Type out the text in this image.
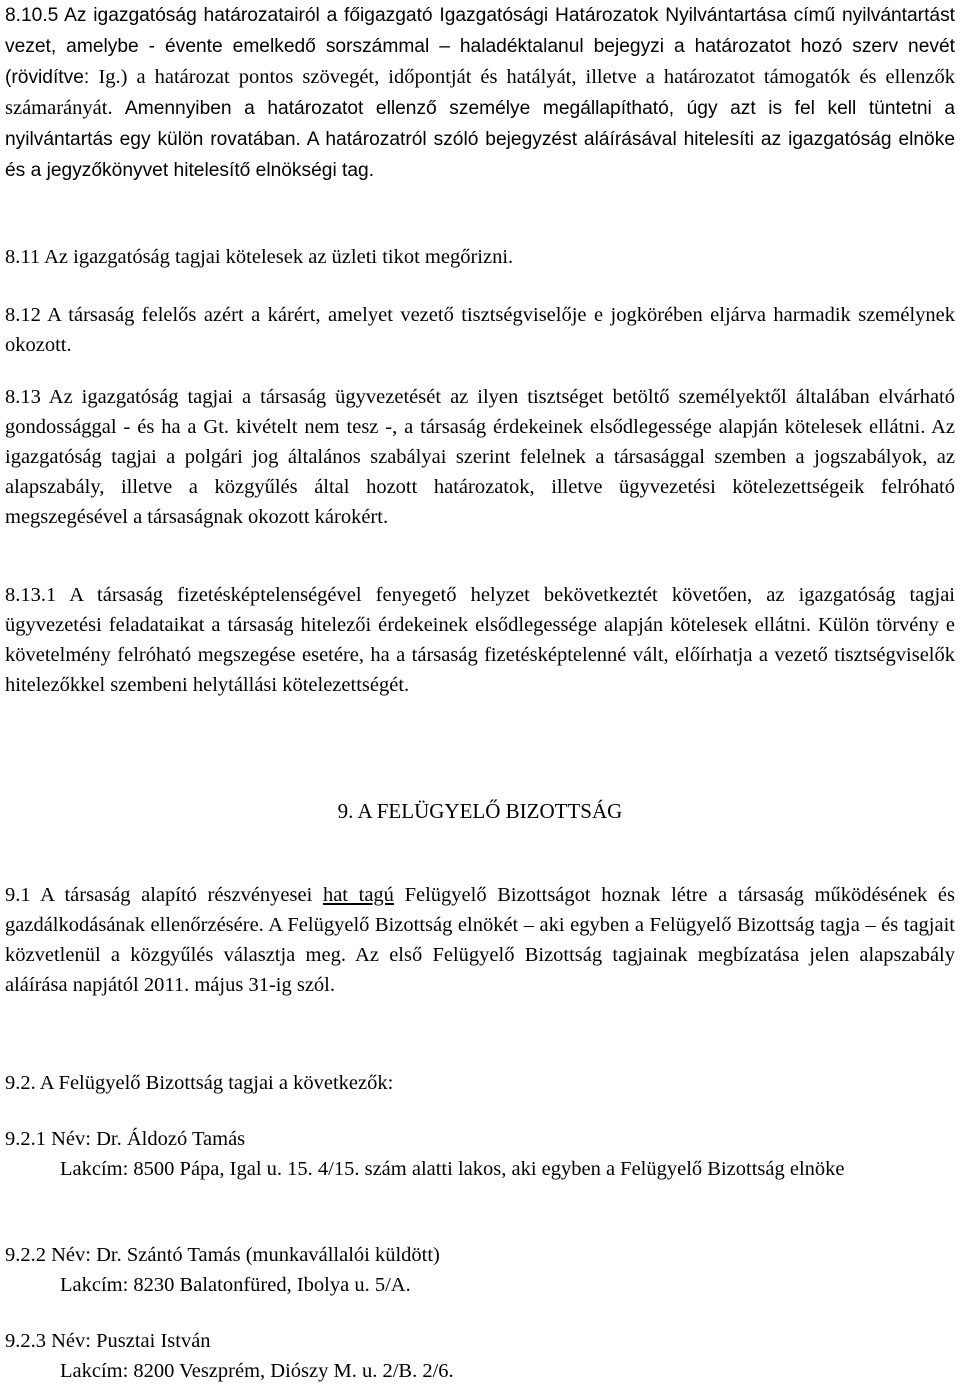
8.10.5 Az igazgatóság határozatairól a főigazgató Igazgatósági Határozatok Nyilvántartása című nyilvántartást vezet, amelybe - évente emelkedő sorszámmal – haladéktalanul bejegyzi a határozatot hozó szerv nevét (rövidítve: Ig.) a határozat pontos szövegét, időpontját és hatályát, illetve a határozatot támogatók és ellenzők számarányát. Amennyiben a határozatot ellenző személye megállapítható, úgy azt is fel kell tüntetni a nyilvántartás egy külön rovatában. A határozatról szóló bejegyzést aláírásával hitelesíti az igazgatóság elnöke és a jegyzőkönyvet hitelesítő elnökségi tag.

8.11 Az igazgatóság tagjai kötelesek az üzleti tikot megőrizni.

8.12 A társaság felelős azért a kárért, amelyet vezető tisztségviselője e jogkörében eljárva harmadik személynek okozott.

8.13 Az igazgatóság tagjai a társaság ügyvezetését az ilyen tisztséget betöltő személyektől általában elvárható gondossággal - és ha a Gt. kivételt nem tesz -, a társaság érdekeinek elsődlegessége alapján kötelesek ellátni. Az igazgatóság tagjai a polgári jog általános szabályai szerint felelnek a társasággal szemben a jogszabályok, az alapszabály, illetve a közgyűlés által hozott határozatok, illetve ügyvezetési kötelezettségeik felróható megszegésével a társaságnak okozott károkért.

8.13.1 A társaság fizetésképtelenségével fenyegető helyzet bekövetkeztét követően, az igazgatóság tagjai ügyvezetési feladataikat a társaság hitelezői érdekeinek elsődlegessége alapján kötelesek ellátni. Külön törvény e követelmény felróható megszegése esetére, ha a társaság fizetésképtelenné vált, előírhatja a vezető tisztségviselők hitelezőkkel szembeni helytállási kötelezettségét.

9. A FELÜGYELŐ BIZOTTSÁG

9.1 A társaság alapító részvényesei hat tagú Felügyelő Bizottságot hoznak létre a társaság működésének és gazdálkodásának ellenőrzésére. A Felügyelő Bizottság elnökét – aki egyben a Felügyelő Bizottság tagja – és tagjait közvetlenül a közgyűlés választja meg. Az első Felügyelő Bizottság tagjainak megbízatása jelen alapszabály aláírása napjától 2011. május 31-ig szól.

9.2. A Felügyelő Bizottság tagjai a következők:

9.2.1 Név: Dr. Áldozó Tamás

Lakcím: 8500 Pápa, Igal u. 15. 4/15. szám alatti lakos, aki egyben a Felügyelő Bizottság elnöke

9.2.2 Név: Dr. Szántó Tamás (munkavállalói küldött)

Lakcím: 8230 Balatonfüred, Ibolya u. 5/A.

9.2.3 Név: Pusztai István

Lakcím: 8200 Veszprém, Diószy M. u. 2/B. 2/6.
